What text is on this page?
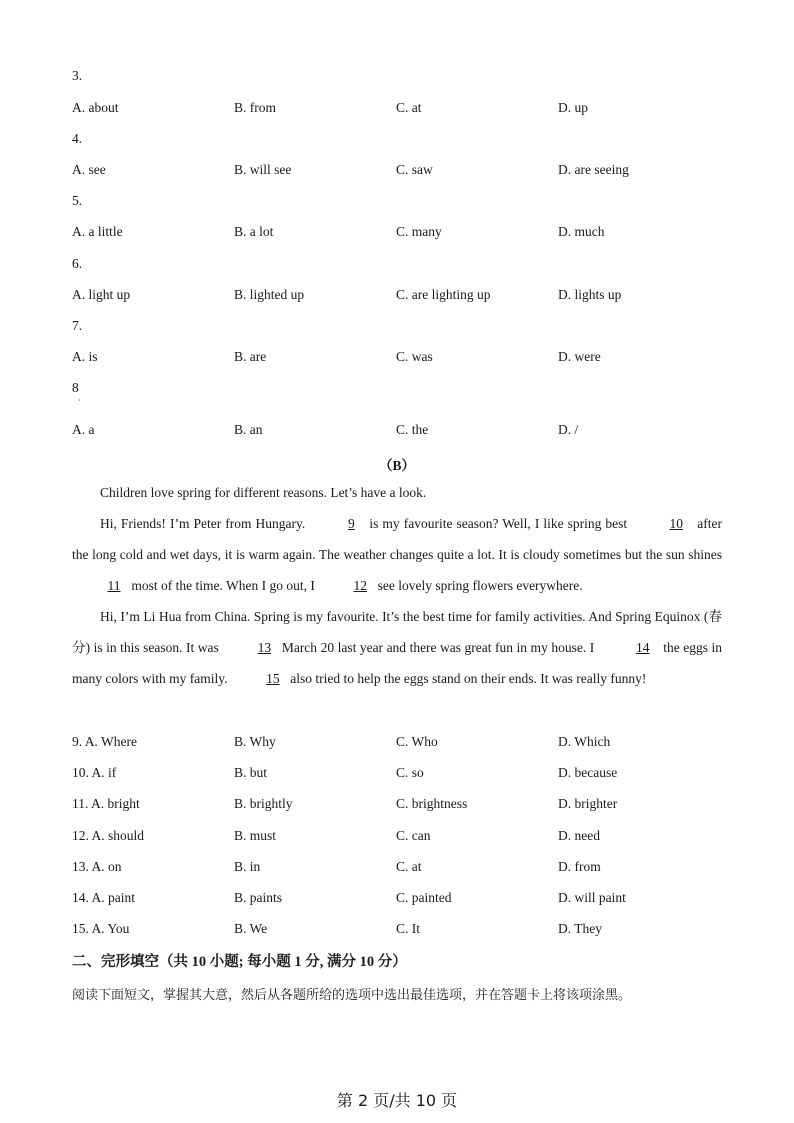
3.
A. about	B. from	C. at	D. up
4.
A. see	B. will see	C. saw	D. are seeing
5.
A. a little	B. a lot	C. many	D. much
6.
A. light up	B. lighted up	C. are lighting up	D. lights up
7.
A. is	B. are	C. was	D. were
8
·
A. a	B. an	C. the	D. /
（B）

Children love spring for different reasons. Let’s have a look.

Hi, Friends! I’m Peter from Hungary.	9 is my favourite season? Well, I like spring best	10 after the long cold and wet days, it is warm again. The weather changes quite a lot. It is cloudy sometimes but the sun shines 11 most of the time. When I go out, I	12 see lovely spring flowers everywhere.

Hi, I’m Li Hua from China. Spring is my favourite. It’s the best time for family activities. And Spring Equinox (春分) is in this season. It was	13 March 20 last year and there was great fun in my house. I	14 the eggs in many colors with my family.	15 also tried to help the eggs stand on their ends. It was really funny!

9. A. Where	B. Why	C. Who	D. Which
10. A. if	B. but	C. so	D. because
11. A. bright	B. brightly	C. brightness	D. brighter
12. A. should	B. must	C. can	D. need
13. A. on	B. in	C. at	D. from
14. A. paint	B. paints	C. painted	D. will paint
15. A. You	B. We	C. It	D. They
二、完形填空（共 10 小题; 每小题 1 分, 满分 10 分）
阅读下面短文，掌握其大意，然后从各题所给的选项中选出最佳选项，并在答题卡上将该项涂黑。
第 2 页/共 10 页
